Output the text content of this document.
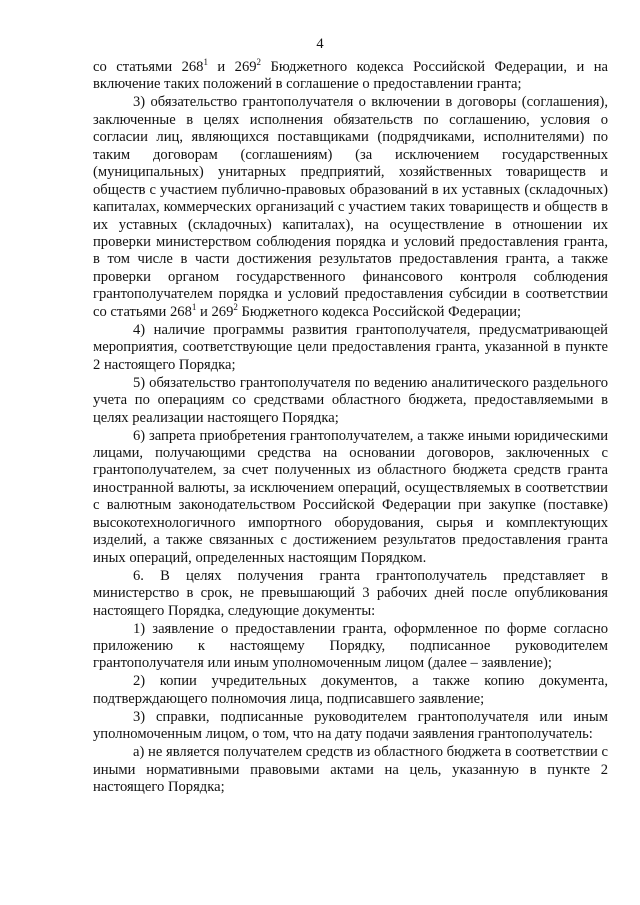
4

со статьями $268^1$ и $269^2$ Бюджетного кодекса Российской Федерации, и на включение таких положений в соглашение о предоставлении гранта;

3) обязательство грантополучателя о включении в договоры (соглашения), заключенные в целях исполнения обязательств по соглашению, условия о согласии лиц, являющихся поставщиками (подрядчиками, исполнителями) по таким договорам (соглашениям) (за исключением государственных (муниципальных) унитарных предприятий, хозяйственных товариществ и обществ с участием публично-правовых образований в их уставных (складочных) капиталах, коммерческих организаций с участием таких товариществ и обществ в их уставных (складочных) капиталах), на осуществление в отношении их проверки министерством соблюдения порядка и условий предоставления гранта, в том числе в части достижения результатов предоставления гранта, а также проверки органом государственного финансового контроля соблюдения грантополучателем порядка и условий предоставления субсидии в соответствии со статьями $268^1$ и $269^2$ Бюджетного кодекса Российской Федерации;

4) наличие программы развития грантополучателя, предусматривающей мероприятия, соответствующие цели предоставления гранта, указанной в пункте 2 настоящего Порядка;

5) обязательство грантополучателя по ведению аналитического раздельного учета по операциям со средствами областного бюджета, предоставляемыми в целях реализации настоящего Порядка;

6) запрета приобретения грантополучателем, а также иными юридическими лицами, получающими средства на основании договоров, заключенных с грантополучателем, за счет полученных из областного бюджета средств гранта иностранной валюты, за исключением операций, осуществляемых в соответствии с валютным законодательством Российской Федерации при закупке (поставке) высокотехнологичного импортного оборудования, сырья и комплектующих изделий, а также связанных с достижением результатов предоставления гранта иных операций, определенных настоящим Порядком.

6. В целях получения гранта грантополучатель представляет в министерство в срок, не превышающий 3 рабочих дней после опубликования настоящего Порядка, следующие документы:

1) заявление о предоставлении гранта, оформленное по форме согласно приложению к настоящему Порядку, подписанное руководителем грантополучателя или иным уполномоченным лицом (далее – заявление);

2) копии учредительных документов, а также копию документа, подтверждающего полномочия лица, подписавшего заявление;

3) справки, подписанные руководителем грантополучателя или иным уполномоченным лицом, о том, что на дату подачи заявления грантополучатель:

а) не является получателем средств из областного бюджета в соответствии с иными нормативными правовыми актами на цель, указанную в пункте 2 настоящего Порядка;
